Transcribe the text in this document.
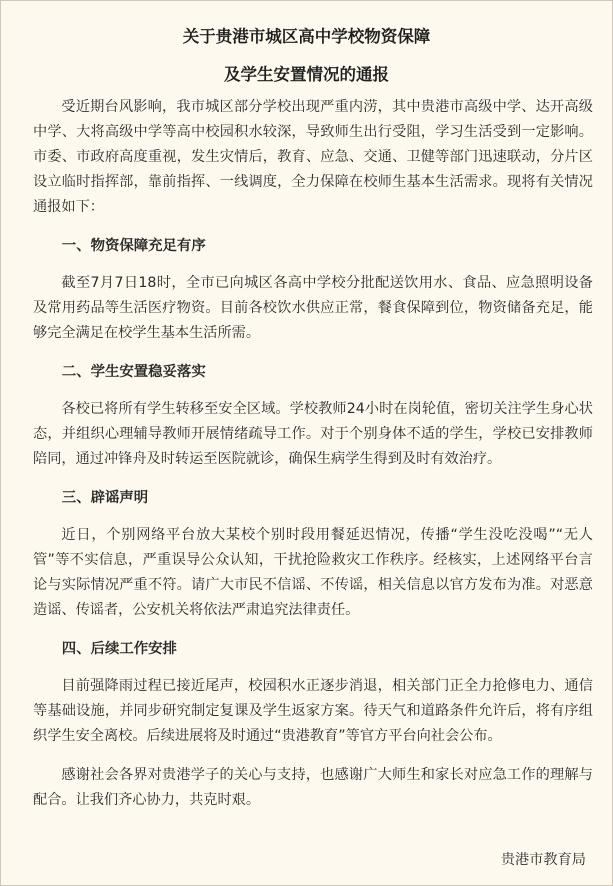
关于贵港市城区高中学校物资保障
及学生安置情况的通报

受近期台风影响，我市城区部分学校出现严重内涝，其中贵港市高级中学、达开高级中学、大将高级中学等高中校园积水较深，导致师生出行受阻，学习生活受到一定影响。市委、市政府高度重视，发生灾情后，教育、应急、交通、卫健等部门迅速联动，分片区设立临时指挥部，靠前指挥、一线调度，全力保障在校师生基本生活需求。现将有关情况通报如下：

一、物资保障充足有序

截至7月7日18时，全市已向城区各高中学校分批配送饮用水、食品、应急照明设备及常用药品等生活医疗物资。目前各校饮水供应正常，餐食保障到位，物资储备充足，能够完全满足在校学生基本生活所需。

二、学生安置稳妥落实

各校已将所有学生转移至安全区域。学校教师24小时在岗轮值，密切关注学生身心状态，并组织心理辅导教师开展情绪疏导工作。对于个别身体不适的学生，学校已安排教师陪同，通过冲锋舟及时转运至医院就诊，确保生病学生得到及时有效治疗。

三、辟谣声明

近日，个别网络平台放大某校个别时段用餐延迟情况，传播“学生没吃没喝”“无人管”等不实信息，严重误导公众认知，干扰抢险救灾工作秩序。经核实，上述网络平台言论与实际情况严重不符。请广大市民不信谣、不传谣，相关信息以官方发布为准。对恶意造谣、传谣者，公安机关将依法严肃追究法律责任。

四、后续工作安排

目前强降雨过程已接近尾声，校园积水正逐步消退，相关部门正全力抢修电力、通信等基础设施，并同步研究制定复课及学生返家方案。待天气和道路条件允许后，将有序组织学生安全离校。后续进展将及时通过“贵港教育”等官方平台向社会公布。

感谢社会各界对贵港学子的关心与支持，也感谢广大师生和家长对应急工作的理解与配合。让我们齐心协力，共克时艰。

贵港市教育局
